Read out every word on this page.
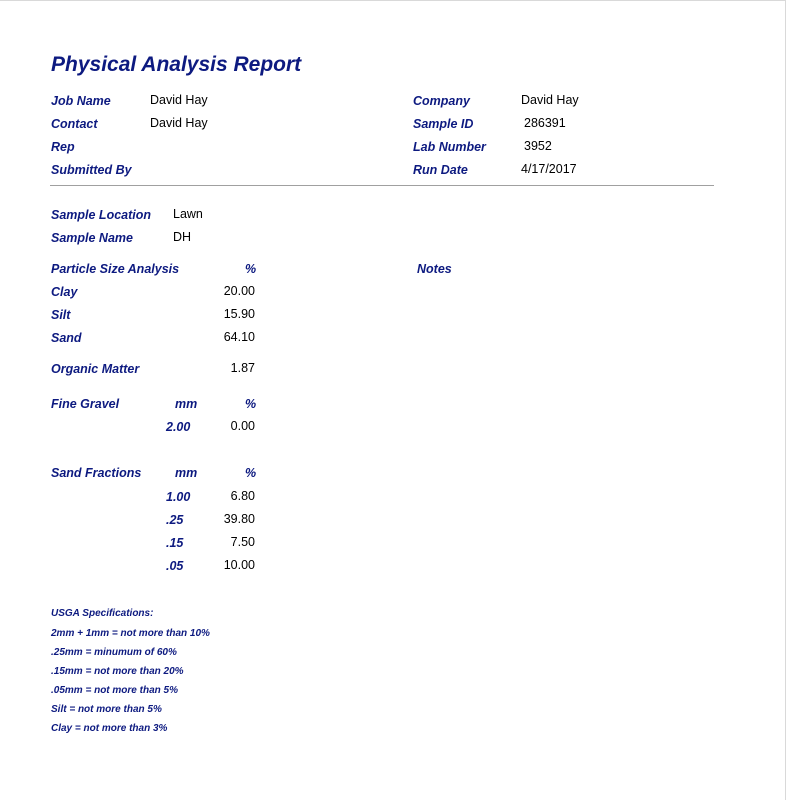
Physical Analysis Report
Job Name	David Hay
Contact	David Hay
Rep
Submitted By
Company	David Hay
Sample ID	286391
Lab Number	3952
Run Date	4/17/2017
Sample Location Lawn
Sample Name	DH
Particle Size Analysis	%	Notes
Clay	20.00
Silt	15.90
Sand	64.10
Organic Matter	1.87
Fine Gravel	mm	%
2.00	0.00
Sand Fractions	mm	%
1.00	6.80
.25	39.80
.15	7.50
.05	10.00
USGA Specifications:
2mm + 1mm = not more than 10%
.25mm = minumum of 60%
.15mm = not more than 20%
.05mm = not more than 5%
Silt = not more than 5%
Clay = not more than 3%
